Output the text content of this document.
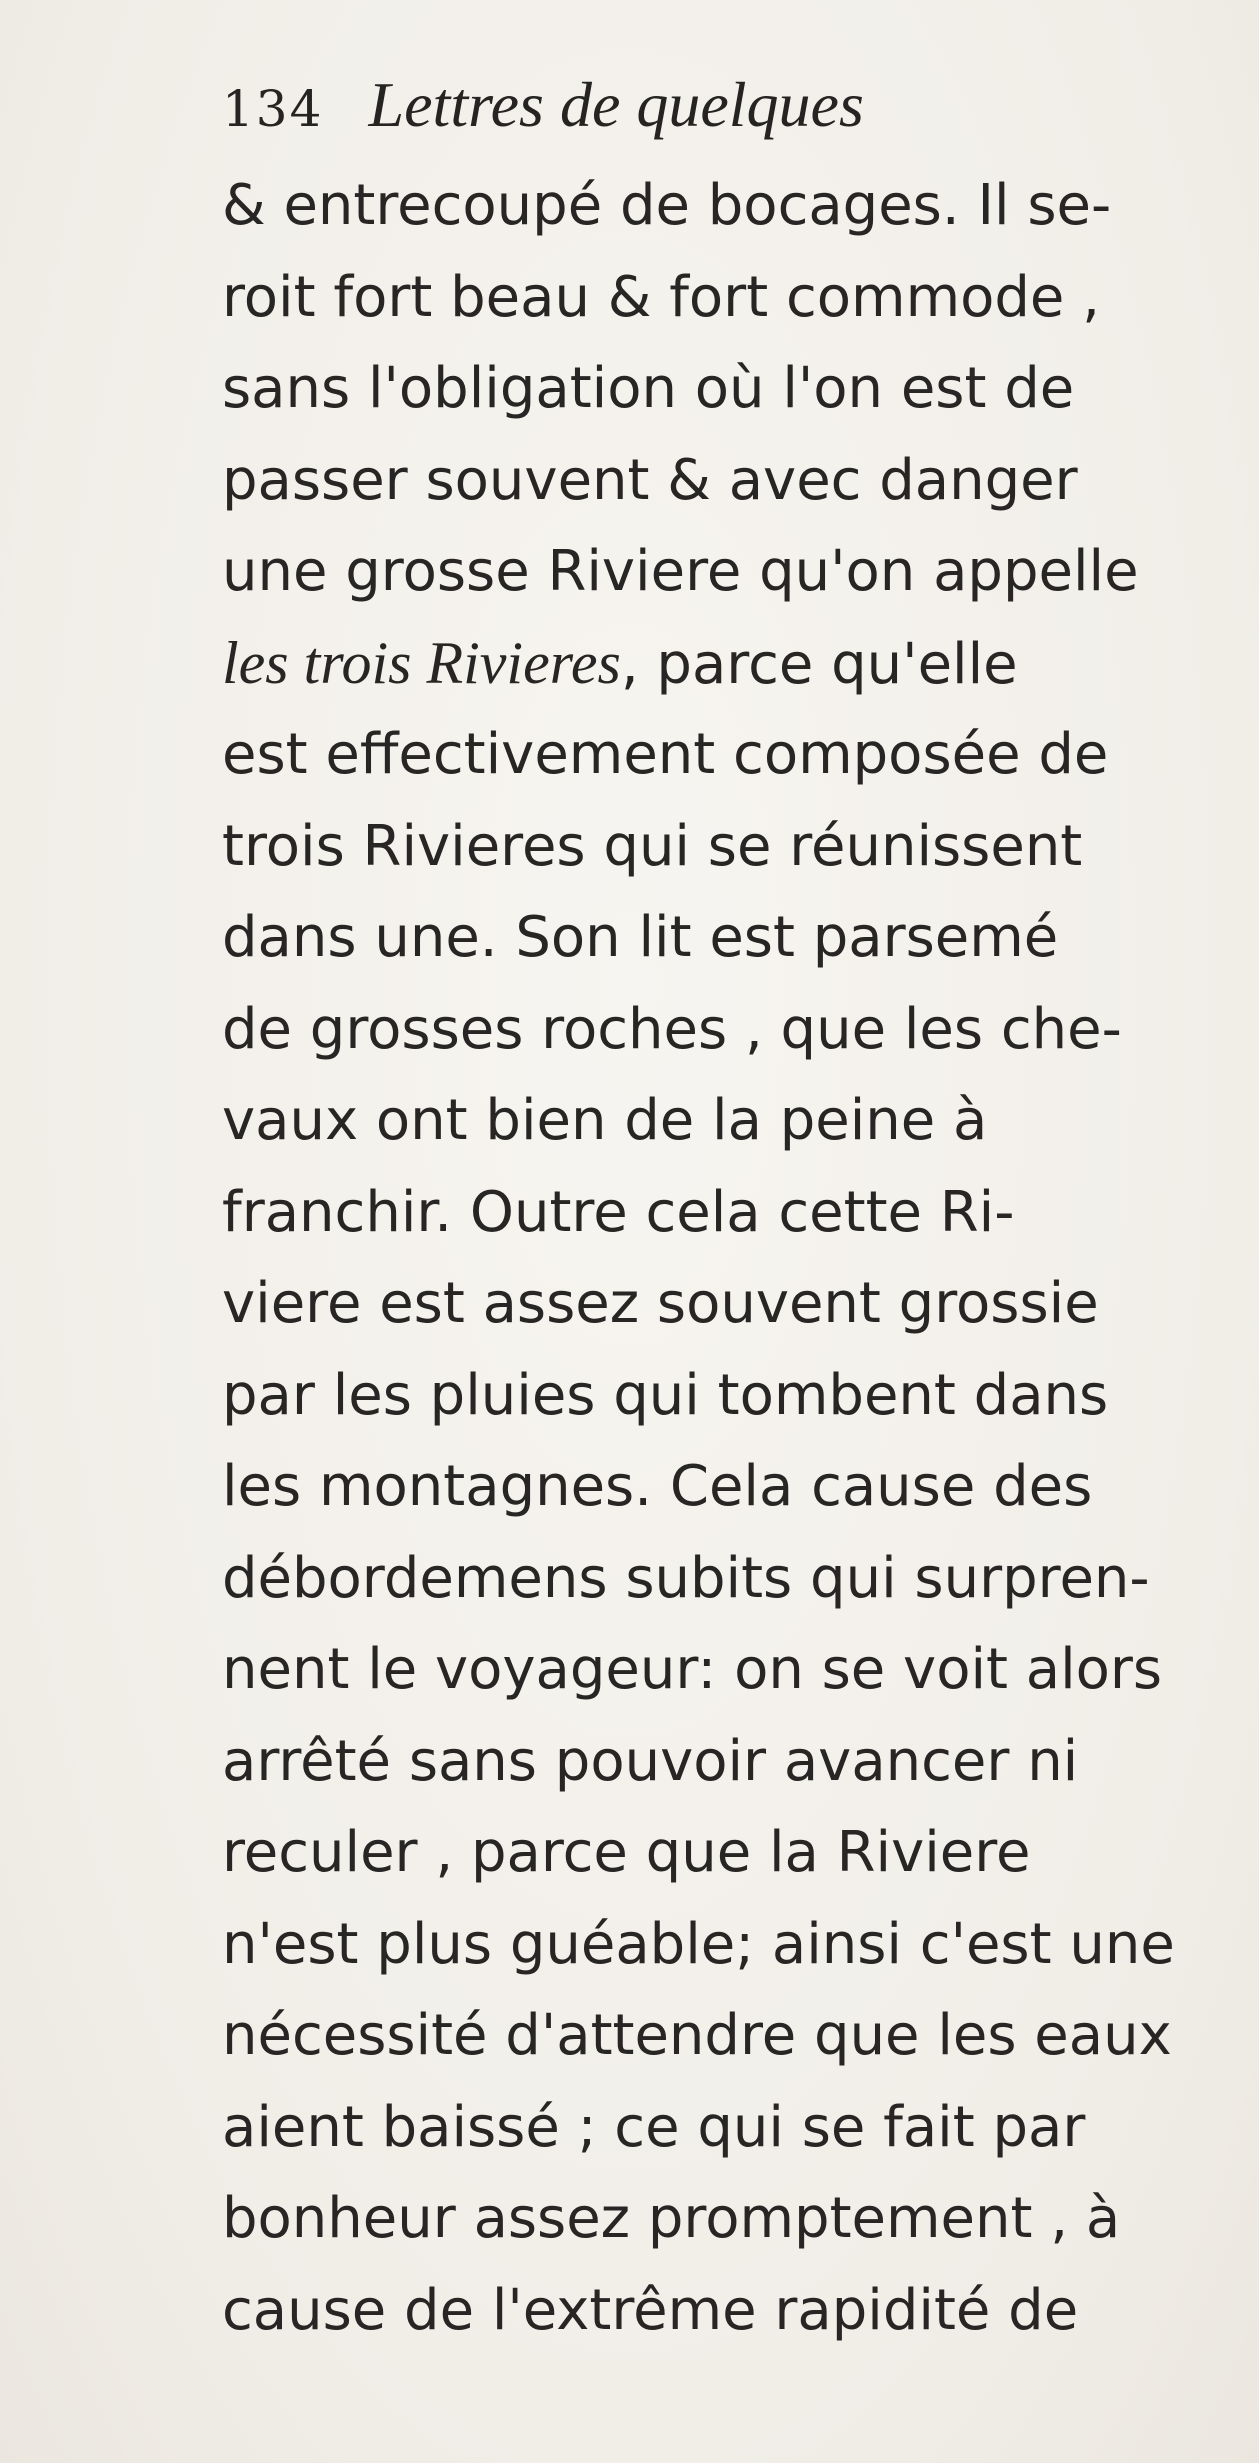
134 Lettres de quelques
& entrecoupé de bocages. Il se-
roit fort beau & fort commode ,
sans l'obligation où l'on est de
passer souvent & avec danger
une grosse Riviere qu'on appelle
les trois Rivieres, parce qu'elle
est effectivement composée de
trois Rivieres qui se réunissent
dans une. Son lit est parsemé
de grosses roches , que les che-
vaux ont bien de la peine à
franchir. Outre cela cette Ri-
viere est assez souvent grossie
par les pluies qui tombent dans
les montagnes. Cela cause des
débordemens subits qui surpren-
nent le voyageur: on se voit alors
arrêté sans pouvoir avancer ni
reculer , parce que la Riviere
n'est plus guéable; ainsi c'est une
nécessité d'attendre que les eaux
aient baissé ; ce qui se fait par
bonheur assez promptement , à
cause de l'extrême rapidité de
